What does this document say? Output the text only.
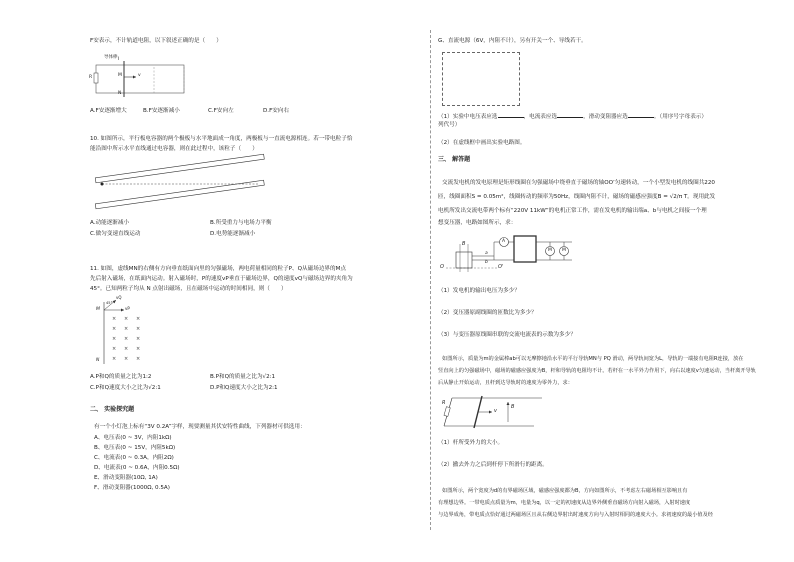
F安表示，不计轨道电阻，以下叙述正确的是（　　）
导体棒 I
M
N
R	v
A.F安逐渐增大	B.F安逐渐减小	C.F安向左	D.F安向右
10. 如图所示，平行板电容器的两个极板与水平地面成一角度，两极板与一直流电源相连。若一带电粒子恰
能沿图中所示水平直线通过电容器，则在此过程中，该粒子（　　）
A.动能逐渐减小	B.所受重力与电场力平衡
C.做匀变速直线运动	D.电势能逐渐减小
11. 如图，虚线MN的右侧有方向垂直纸面向里的匀强磁场，两电荷量相同的粒子P、Q从磁场边界的M点
先后射入磁场，在纸面内运动。射入磁场时，P的速度vP垂直于磁场边界，Q的速度vQ与磁场边界的夹角为
45°。已知两粒子均从 N 点射出磁场，且在磁场中运动的时间相同，则（　　）
× × ×
× × ×
× × ×
× × ×
× × ×
M
N
vP
vQ
45°
A.P和Q的质量之比为1:2	B.P和Q的质量之比为√2:1
C.P和Q速度大小之比为√2:1	D.P和Q速度大小之比为2:1
二、 实验探究题
有一个小灯泡上标有“3V 0.2A”字样，现要测量其伏安特性曲线，下列器材可供选用：
A、电压表(0 ~ 3V，内阻1kΩ)
B、电压表(0 ~ 15V，内阻5kΩ)
C、电流表(0 ~ 0.3A，内阻2Ω)
D、电流表(0 ~ 0.6A，内阻0.5Ω)
E、滑动变阻器(10Ω, 1A)
F、滑动变阻器(1000Ω, 0.5A)
G、直流电源（6V，内阻不计），另有开关一个、导线若干。
（1）实验中电压表应选	，电流表应选	，滑动变阻器应选	。（用序号字母表示）
列代号）
（2）在虚线框中画出实验电路图。
三、 解答题
交流发电机的发电原理是矩形线圈在匀强磁场中绕垂直于磁场的轴OO’匀速转动，一个小型发电机的线圈共220
匝，线圈面积S = 0.05m²，线圈转动的频率为50Hz，线圈内阻不计，磁场的磁感应强度B = √2/π T。现用此发
电机所发出交流电带两个标有“220V 11kW”的电机正常工作，需在发电机的输出端a、b与电机之间接一个理
想变压器，电路如图所示，求：
O	O'
B
a
b
A
M M
（1）发电机的输出电压为多少？
（2）变压器原副线圈的匝数比为多少？
（3）与变压器原线圈串联的交流电流表的示数为多少？
如图所示，质量为m的金属棒ab可以无摩擦地沿水平的平行导轨MN与 PQ 滑动，两导轨间宽为L，导轨的一端接有电阻R连接，放在
竖直向上的匀强磁场中，磁场的磁感应强度为B，杆和导轨的电阻均不计。若杆在一水平外力作用下，向右以速度v匀速运动，当杆离开导轨
后从静止开始运动，且杆到达导轨时的速度为零外力，求：
R
B
v
（1）杆所受外力的大小。
（2）撤去外力之后到杆停下所滑行的距离。
如图所示，两个宽度为d的有界磁场区域，磁感应强度都为B，方向如图所示，不考虑左右磁场相互影响且有
有理想边界。一带电质点质量为m，电量为q，以一定的初速度从边界外侧垂直磁场方向射入磁场，入射时速度
与边界成角，带电质点恰好通过两磁场区且从右侧边界射出时速度方向与入射时相同的速度大小。求初速度的最小值及经
